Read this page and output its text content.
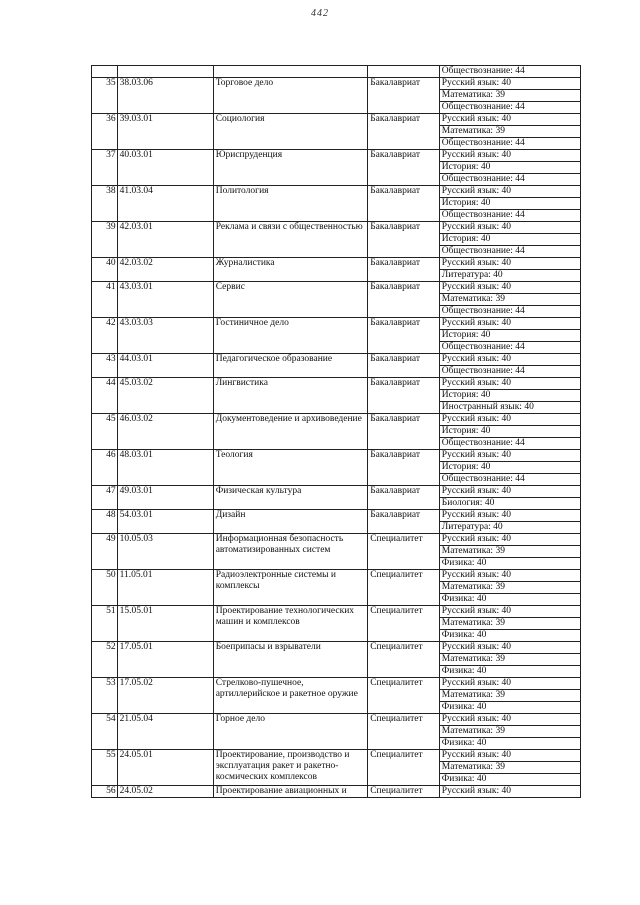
442
				Обществознание: 44
35	38.03.06	Торговое дело	Бакалавриат	Русский язык: 40
				Математика: 39
				Обществознание: 44
36	39.03.01	Социология	Бакалавриат	Русский язык: 40
				Математика: 39
				Обществознание: 44
37	40.03.01	Юриспруденция	Бакалавриат	Русский язык: 40
				История: 40
				Обществознание: 44
38	41.03.04	Политология	Бакалавриат	Русский язык: 40
				История: 40
				Обществознание: 44
39	42.03.01	Реклама и связи с общественностью	Бакалавриат	Русский язык: 40
				История: 40
				Обществознание: 44
40	42.03.02	Журналистика	Бакалавриат	Русский язык: 40
				Литература: 40
41	43.03.01	Сервис	Бакалавриат	Русский язык: 40
				Математика: 39
				Обществознание: 44
42	43.03.03	Гостиничное дело	Бакалавриат	Русский язык: 40
				История: 40
				Обществознание: 44
43	44.03.01	Педагогическое образование	Бакалавриат	Русский язык: 40
				Обществознание: 44
44	45.03.02	Лингвистика	Бакалавриат	Русский язык: 40
				История: 40
				Иностранный язык: 40
45	46.03.02	Документоведение и архивоведение	Бакалавриат	Русский язык: 40
				История: 40
				Обществознание: 44
46	48.03.01	Теология	Бакалавриат	Русский язык: 40
				История: 40
				Обществознание: 44
47	49.03.01	Физическая культура	Бакалавриат	Русский язык: 40
				Биология: 40
48	54.03.01	Дизайн	Бакалавриат	Русский язык: 40
				Литература: 40
49	10.05.03	Информационная безопасность автоматизированных систем	Специалитет	Русский язык: 40
				Математика: 39
				Физика: 40
50	11.05.01	Радиоэлектронные системы и комплексы	Специалитет	Русский язык: 40
				Математика: 39
				Физика: 40
51	15.05.01	Проектирование технологических машин и комплексов	Специалитет	Русский язык: 40
				Математика: 39
				Физика: 40
52	17.05.01	Боеприпасы и взрыватели	Специалитет	Русский язык: 40
				Математика: 39
				Физика: 40
53	17.05.02	Стрелково-пушечное, артиллерийское и ракетное оружие	Специалитет	Русский язык: 40
				Математика: 39
				Физика: 40
54	21.05.04	Горное дело	Специалитет	Русский язык: 40
				Математика: 39
				Физика: 40
55	24.05.01	Проектирование, производство и эксплуатация ракет и ракетно-космических комплексов	Специалитет	Русский язык: 40
				Математика: 39
				Физика: 40
56	24.05.02	Проектирование авиационных и	Специалитет	Русский язык: 40
